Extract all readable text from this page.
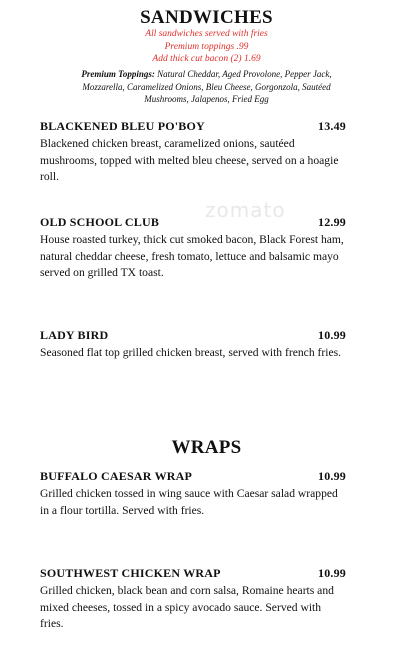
SANDWICHES
All sandwiches served with fries
Premium toppings .99
Add thick cut bacon (2) 1.69
Premium Toppings: Natural Cheddar, Aged Provolone, Pepper Jack, Mozzarella, Caramelized Onions, Bleu Cheese, Gorgonzola, Sautéed Mushrooms, Jalapenos, Fried Egg
BLACKENED BLEU PO'BOY	13.49
Blackened chicken breast, caramelized onions, sautéed mushrooms, topped with melted bleu cheese, served on a hoagie roll.
OLD SCHOOL CLUB	12.99
House roasted turkey, thick cut smoked bacon, Black Forest ham, natural cheddar cheese, fresh tomato, lettuce and balsamic mayo served on grilled TX toast.
zomato
LADY BIRD	10.99
Seasoned flat top grilled chicken breast, served with french fries.
WRAPS
BUFFALO CAESAR WRAP	10.99
Grilled chicken tossed in wing sauce with Caesar salad wrapped in a flour tortilla. Served with fries.
SOUTHWEST CHICKEN WRAP	10.99
Grilled chicken, black bean and corn salsa, Romaine hearts and mixed cheeses, tossed in a spicy avocado sauce. Served with fries.
